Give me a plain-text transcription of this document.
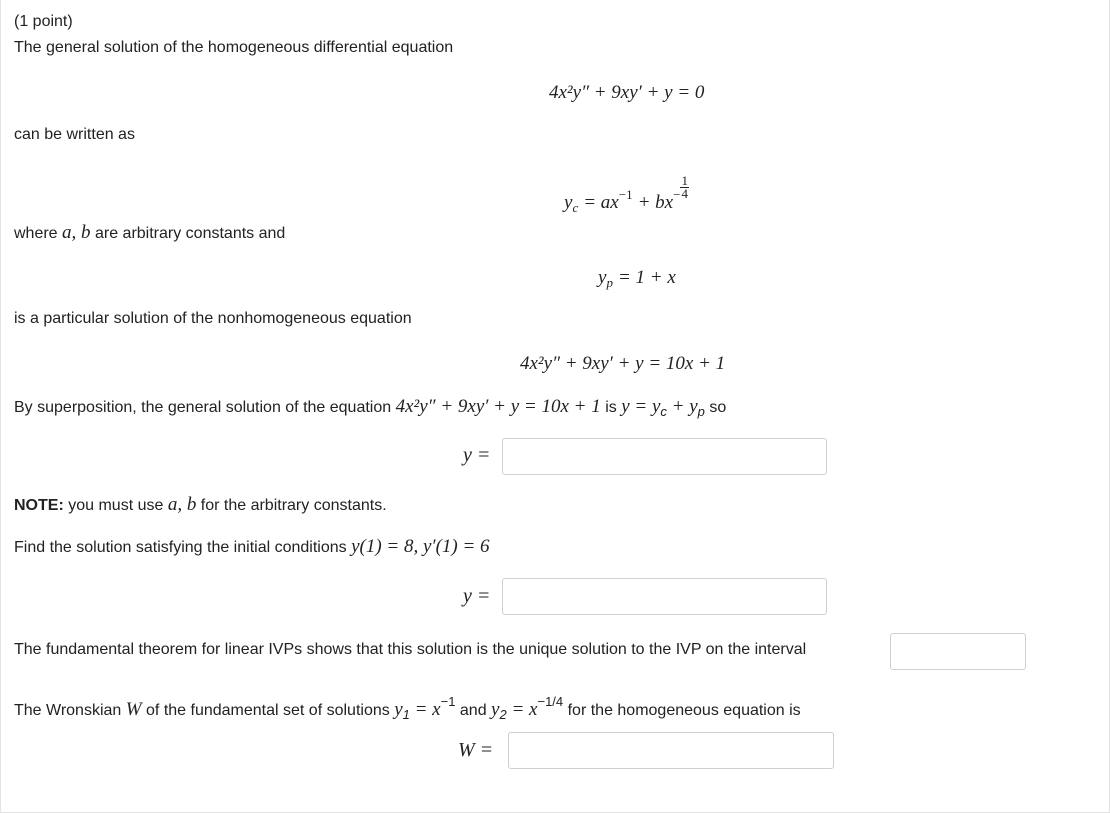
(1 point)
The general solution of the homogeneous differential equation
4x²y″ + 9xy′ + y = 0
can be written as
$y_c = ax^{-1} + bx^- \frac{1}{4}$
where a, b are arbitrary constants and
$y_p = 1 + x$
is a particular solution of the nonhomogeneous equation
4x²y″ + 9xy′ + y = 10x + 1
By superposition, the general solution of the equation 4x²y″ + 9xy′ + y = 10x + 1 is $y = y_c + y_p$ so
y =
NOTE: you must use a, b for the arbitrary constants.
Find the solution satisfying the initial conditions y(1) = 8, y′(1) = 6
y =
The fundamental theorem for linear IVPs shows that this solution is the unique solution to the IVP on the interval
The Wronskian W of the fundamental set of solutions $y_1 = x^{-1}$ and $y_2 = x^{-1/4}$ for the homogeneous equation is
W =
